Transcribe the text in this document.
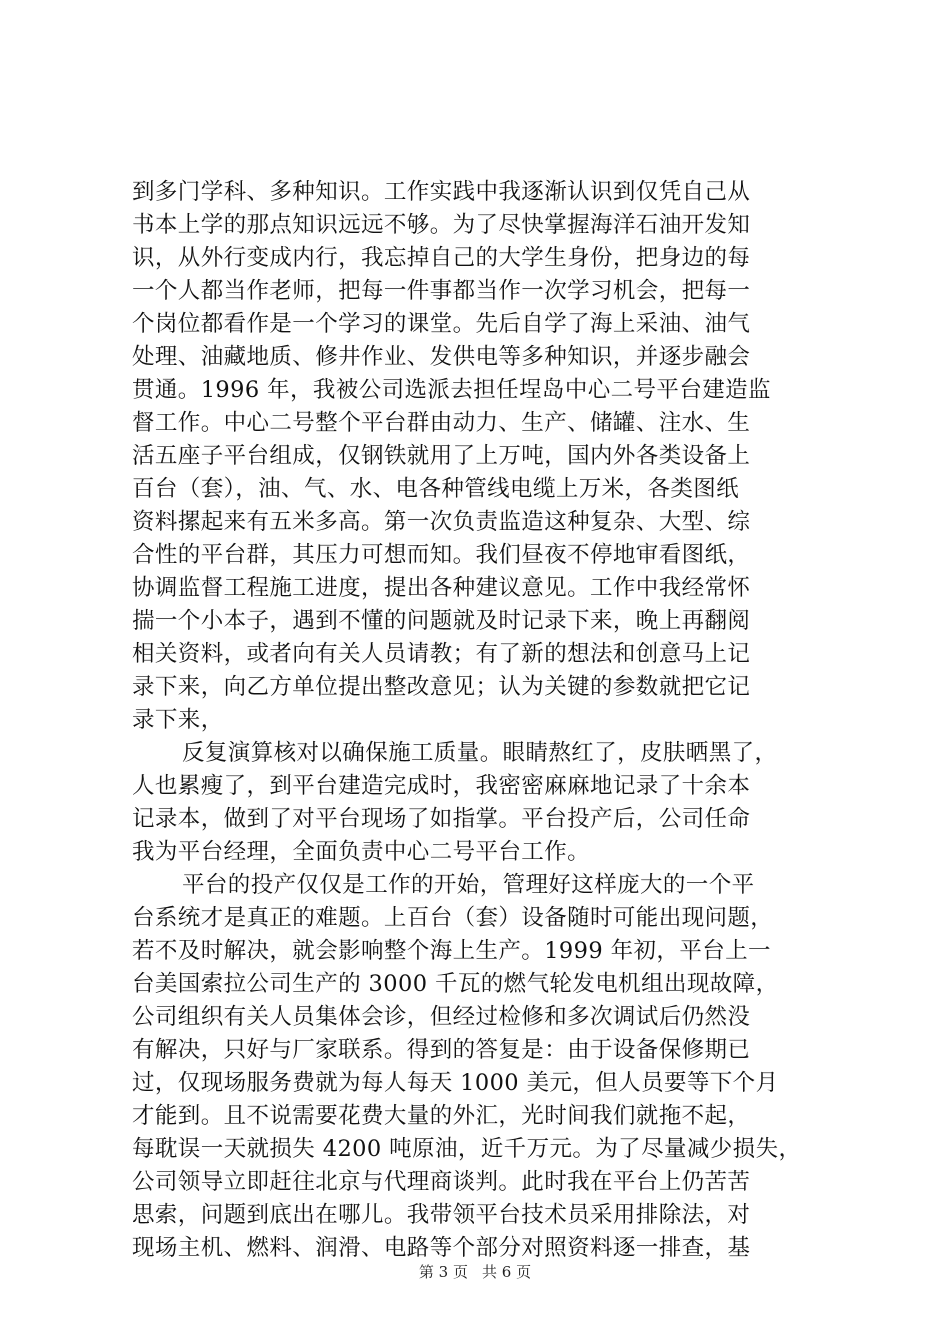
到多门学科、多种知识。工作实践中我逐渐认识到仅凭自己从
书本上学的那点知识远远不够。为了尽快掌握海洋石油开发知
识，从外行变成内行，我忘掉自己的大学生身份，把身边的每
一个人都当作老师，把每一件事都当作一次学习机会，把每一
个岗位都看作是一个学习的课堂。先后自学了海上采油、油气
处理、油藏地质、修井作业、发供电等多种知识，并逐步融会
贯通。1996 年，我被公司选派去担任埕岛中心二号平台建造监
督工作。中心二号整个平台群由动力、生产、储罐、注水、生
活五座子平台组成，仅钢铁就用了上万吨，国内外各类设备上
百台（套），油、气、水、电各种管线电缆上万米，各类图纸
资料摞起来有五米多高。第一次负责监造这种复杂、大型、综
合性的平台群，其压力可想而知。我们昼夜不停地审看图纸，
协调监督工程施工进度，提出各种建议意见。工作中我经常怀
揣一个小本子，遇到不懂的问题就及时记录下来，晚上再翻阅
相关资料，或者向有关人员请教；有了新的想法和创意马上记
录下来，向乙方单位提出整改意见；认为关键的参数就把它记
录下来，
反复演算核对以确保施工质量。眼睛熬红了，皮肤晒黑了，
人也累瘦了，到平台建造完成时，我密密麻麻地记录了十余本
记录本，做到了对平台现场了如指掌。平台投产后，公司任命
我为平台经理，全面负责中心二号平台工作。
平台的投产仅仅是工作的开始，管理好这样庞大的一个平
台系统才是真正的难题。上百台（套）设备随时可能出现问题，
若不及时解决，就会影响整个海上生产。1999 年初，平台上一
台美国索拉公司生产的 3000 千瓦的燃气轮发电机组出现故障，
公司组织有关人员集体会诊，但经过检修和多次调试后仍然没
有解决，只好与厂家联系。得到的答复是：由于设备保修期已
过，仅现场服务费就为每人每天 1000 美元，但人员要等下个月
才能到。且不说需要花费大量的外汇，光时间我们就拖不起，
每耽误一天就损失 4200 吨原油，近千万元。为了尽量减少损失，
公司领导立即赶往北京与代理商谈判。此时我在平台上仍苦苦
思索，问题到底出在哪儿。我带领平台技术员采用排除法，对
现场主机、燃料、润滑、电路等个部分对照资料逐一排查，基
第 3 页 共 6 页
